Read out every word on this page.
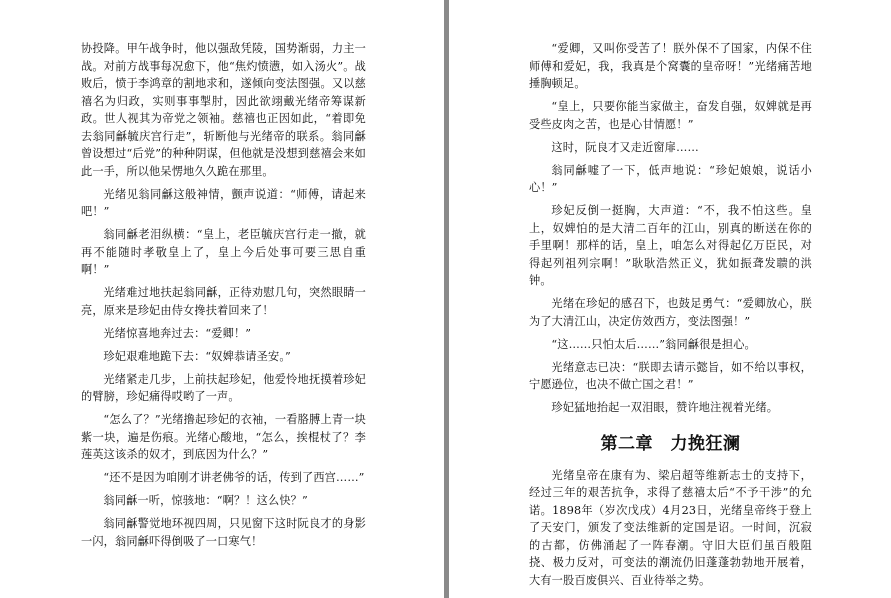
协投降。甲午战争时，他以强敌凭陵，国势渐弱，力主一战。对前方战事每况愈下，他“焦灼愤懑，如入汤火”。战败后，愤于李鸿章的割地求和，遂倾向变法图强。又以慈禧名为归政，实则事事掣肘，因此欲翊戴光绪帝筹谋新政。世人视其为帝党之领袖。慈禧也正因如此，“着即免去翁同龢毓庆宫行走”，斩断他与光绪帝的联系。翁同龢曾设想过“后党”的种种阴谋，但他就是没想到慈禧会来如此一手，所以他呆愣地久久跪在那里。

光绪见翁同龢这般神情，颤声说道：“师傅，请起来吧！”

翁同龢老泪纵横：“皇上，老臣毓庆宫行走一撤，就再不能随时孝敬皇上了，皇上今后处事可要三思自重啊！”

光绪难过地扶起翁同龢，正待劝慰几句，突然眼睛一亮，原来是珍妃由侍女搀扶着回来了！

光绪惊喜地奔过去：“爱卿！”

珍妃艰难地跪下去：“奴婢恭请圣安。”

光绪紧走几步，上前扶起珍妃，他爱怜地抚摸着珍妃的臂膀，珍妃痛得哎哟了一声。

“怎么了？”光绪撸起珍妃的衣袖，一看胳膊上青一块紫一块，遍是伤痕。光绪心酸地，“怎么，挨棍杖了？李莲英这该杀的奴才，到底因为什么？”

“还不是因为咱刚才讲老佛爷的话，传到了西宫……”

翁同龢一听，惊骇地：“啊？！这么快？”

翁同龢警觉地环视四周，只见窗下这时阮良才的身影一闪，翁同龢吓得倒吸了一口寒气！

“爱卿，又叫你受苦了！朕外保不了国家，内保不住师傅和爱妃，我，我真是个窝囊的皇帝呀！”光绪痛苦地捶胸顿足。

“皇上，只要你能当家做主，奋发自强，奴婢就是再受些皮肉之苦，也是心甘情愿！”

这时，阮良才又走近窗扉……

翁同龢嘘了一下，低声地说：“珍妃娘娘，说话小心！”

珍妃反倒一挺胸，大声道：“不，我不怕这些。皇上，奴婢怕的是大清二百年的江山，别真的断送在你的手里啊！那样的话，皇上，咱怎么对得起亿万臣民，对得起列祖列宗啊！”耿耿浩然正义，犹如振聋发聩的洪钟。

光绪在珍妃的感召下，也鼓足勇气：“爱卿放心，朕为了大清江山，决定仿效西方，变法图强！”

“这……只怕太后……”翁同龢很是担心。

光绪意志已决：“朕即去请示懿旨，如不给以事权，宁愿逊位，也决不做亡国之君！”

珍妃猛地抬起一双泪眼，赞许地注视着光绪。

第二章　力挽狂澜

光绪皇帝在康有为、梁启超等维新志士的支持下，经过三年的艰苦抗争，求得了慈禧太后“不予干涉”的允诺。1898年（岁次戊戌）4月23日，光绪皇帝终于登上了天安门，颁发了变法维新的定国是诏。一时间，沉寂的古都，仿佛涌起了一阵春潮。守旧大臣们虽百般阻挠、极力反对，可变法的潮流仍旧蓬蓬勃勃地开展着，大有一股百废俱兴、百业待举之势。
